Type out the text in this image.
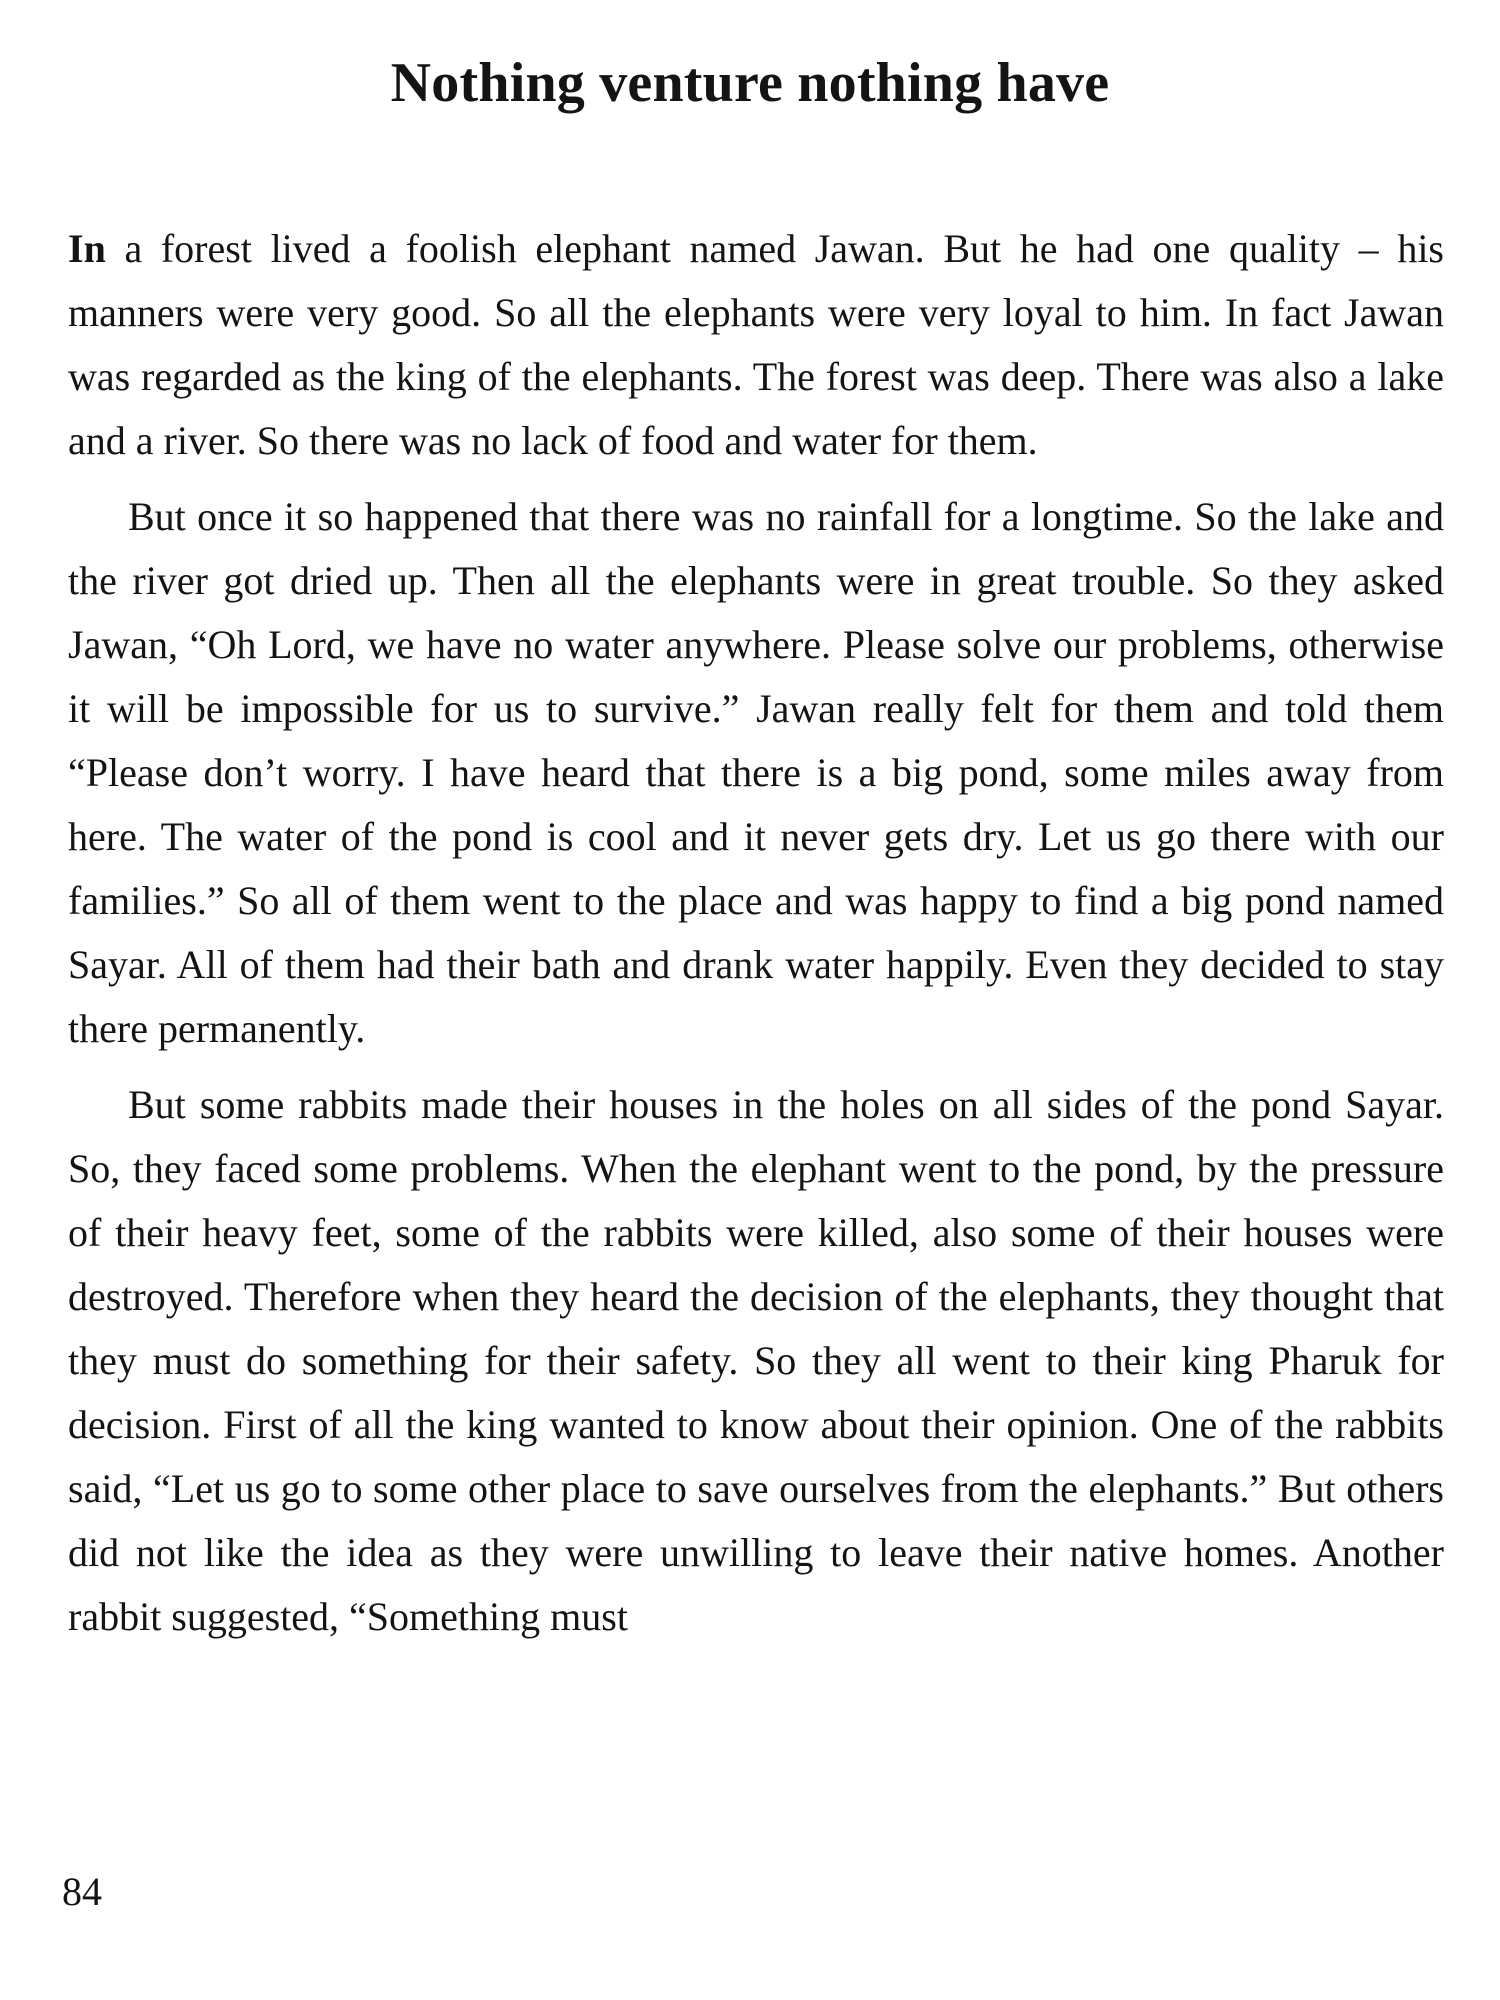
Nothing venture nothing have

In a forest lived a foolish elephant named Jawan. But he had one quality – his manners were very good. So all the elephants were very loyal to him. In fact Jawan was regarded as the king of the elephants. The forest was deep. There was also a lake and a river. So there was no lack of food and water for them.

But once it so happened that there was no rainfall for a longtime. So the lake and the river got dried up. Then all the elephants were in great trouble. So they asked Jawan, “Oh Lord, we have no water anywhere. Please solve our problems, otherwise it will be impossible for us to survive.” Jawan really felt for them and told them “Please don’t worry. I have heard that there is a big pond, some miles away from here. The water of the pond is cool and it never gets dry. Let us go there with our families.” So all of them went to the place and was happy to find a big pond named Sayar. All of them had their bath and drank water happily. Even they decided to stay there permanently.

But some rabbits made their houses in the holes on all sides of the pond Sayar. So, they faced some problems. When the elephant went to the pond, by the pressure of their heavy feet, some of the rabbits were killed, also some of their houses were destroyed. Therefore when they heard the decision of the elephants, they thought that they must do something for their safety. So they all went to their king Pharuk for decision. First of all the king wanted to know about their opinion. One of the rabbits said, “Let us go to some other place to save ourselves from the elephants.” But others did not like the idea as they were unwilling to leave their native homes. Another rabbit suggested, “Something must

84
